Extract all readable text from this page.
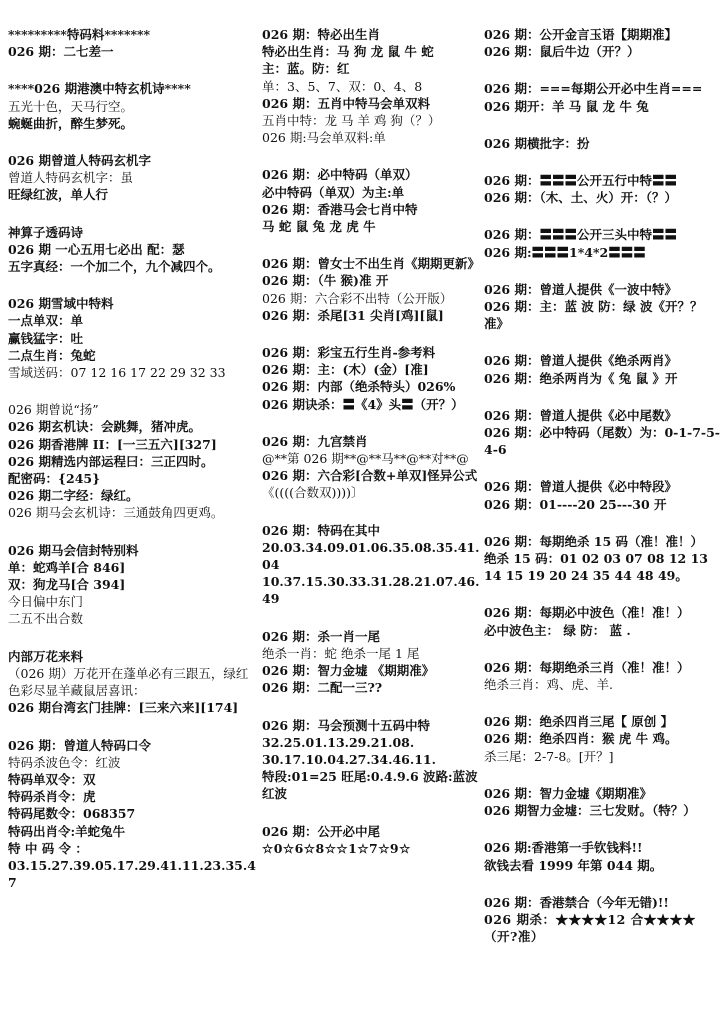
*********特码料*******
026 期：二七差一
****026 期港澳中特玄机诗****
五光十色，天马行空。
蜿蜒曲折，醉生梦死。
026 期曾道人特码玄机字
曾道人特码玄机字：虽
旺绿红波，单人行
神算子透码诗
026 期 一心五用七必出 配：瑟
五字真经：一个加二个，九个减四个。
026 期雪域中特料
一点单双：单
赢钱猛字：吐
二点生肖：兔蛇
雪域送码：07 12 16 17 22 29 32 33
026 期曾说“扬”
026 期玄机诀：会跳舞，猪冲虎。
026 期香港牌 II：[一三五六][327]
026 期精选内部运程曰：三正四时。
配密码：{245}
026 期二字经：绿红。
026 期马会玄机诗：三通鼓角四更鸡。
026 期马会信封特别料
单：蛇鸡羊[合 846]
双：狗龙马[合 394]
今日偏中东门
二五不出合数
内部万花来料
（026 期）万花开在蓬单必有三跟五，绿红色彩尽显羊藏鼠居喜讯：
026 期台湾玄门挂牌：[三来六来][174]
026 期：曾道人特码口令
特码杀波色令：红波
特码单双令：双
特码杀肖令：虎
特码尾数令：068357
特码出肖令:羊蛇兔牛
特 中 码 令 ：
03.15.27.39.05.17.29.41.11.23.35.47
026 期：特必出生肖
特必出生肖：马 狗 龙 鼠 牛 蛇
主：蓝。防：红
单：3、5、7、双：0、4、8
026 期：五肖中特马会单双料
五肖中特：龙 马 羊 鸡 狗（？）
026 期:马会单双料:单
026 期：必中特码（单双）
必中特码（单双）为主:单
026 期：香港马会七肖中特
马 蛇 鼠 兔 龙 虎 牛
026 期：曾女士不出生肖《期期更新》
026 期：（牛 猴)准 开
026 期：六合彩不出特（公开版）
026 期：杀尾[31 尖肖[鸡][鼠]
026 期：彩宝五行生肖-参考料
026 期：主：(木）(金）[准]
026 期：内部（绝杀特头）026%
026 期诀杀：〓《4》头〓（开？）
026 期：九宫禁肖
@**第 026 期**@**马**@**对**@
026 期：六合彩[合数+单双]怪异公式
《((((合数双))))〕
026 期：特码在其中
20.03.34.09.01.06.35.08.35.41.04
10.37.15.30.33.31.28.21.07.46.49
026 期：杀一肖一尾
绝杀一肖：蛇 绝杀一尾 1 尾
026 期：智力金墟 《期期准》
026 期：二配一三??
026 期：马会预测十五码中特
32.25.01.13.29.21.08.
30.17.10.04.27.34.46.11.
特段:01=25 旺尾:0.4.9.6 波路:蓝波红波
026 期：公开必中尾
☆0☆6☆8☆☆1☆7☆9☆
026 期：公开金言玉语【期期准】
026 期：鼠后牛边（开？）
026 期：===每期公开必中生肖===
026 期开：羊 马 鼠 龙 牛 兔
026 期横批字：扮
026 期：〓〓〓公开五行中特〓〓
026 期：（木、土、火）开：（？）
026 期：〓〓〓公开三头中特〓〓
026 期:〓〓〓1*4*2〓〓〓
026 期：曾道人提供《一波中特》
026 期：主：蓝 波 防：绿 波《开？？准》
026 期：曾道人提供《绝杀两肖》
026 期：绝杀两肖为《 兔 鼠 》开
026 期：曾道人提供《必中尾数》
026 期：必中特码（尾数）为：0-1-7-5-4-6
026 期：曾道人提供《必中特段》
026 期：01----20 25---30 开
026 期：每期绝杀 15 码（准！准！）
绝杀 15 码：01 02 03 07 08 12 13 14 15 19 20 24 35 44 48 49。
026 期：每期必中波色（准！准！）
必中波色主： 绿 防： 蓝 .
026 期：每期绝杀三肖（准！准！）
绝杀三肖：鸡、虎、羊.
026 期：绝杀四肖三尾【 原创 】
026 期：绝杀四肖：猴 虎 牛 鸡。
杀三尾：2-7-8。[开？]
026 期：智力金墟《期期准》
026 期智力金墟：三七发财。（特？）
026 期:香港第一手钦钱料!!
欲钱去看 1999 年第 044 期。
026 期：香港禁合（今年无错)!!
026 期杀：★★★★12 合★★★★（开?准）
